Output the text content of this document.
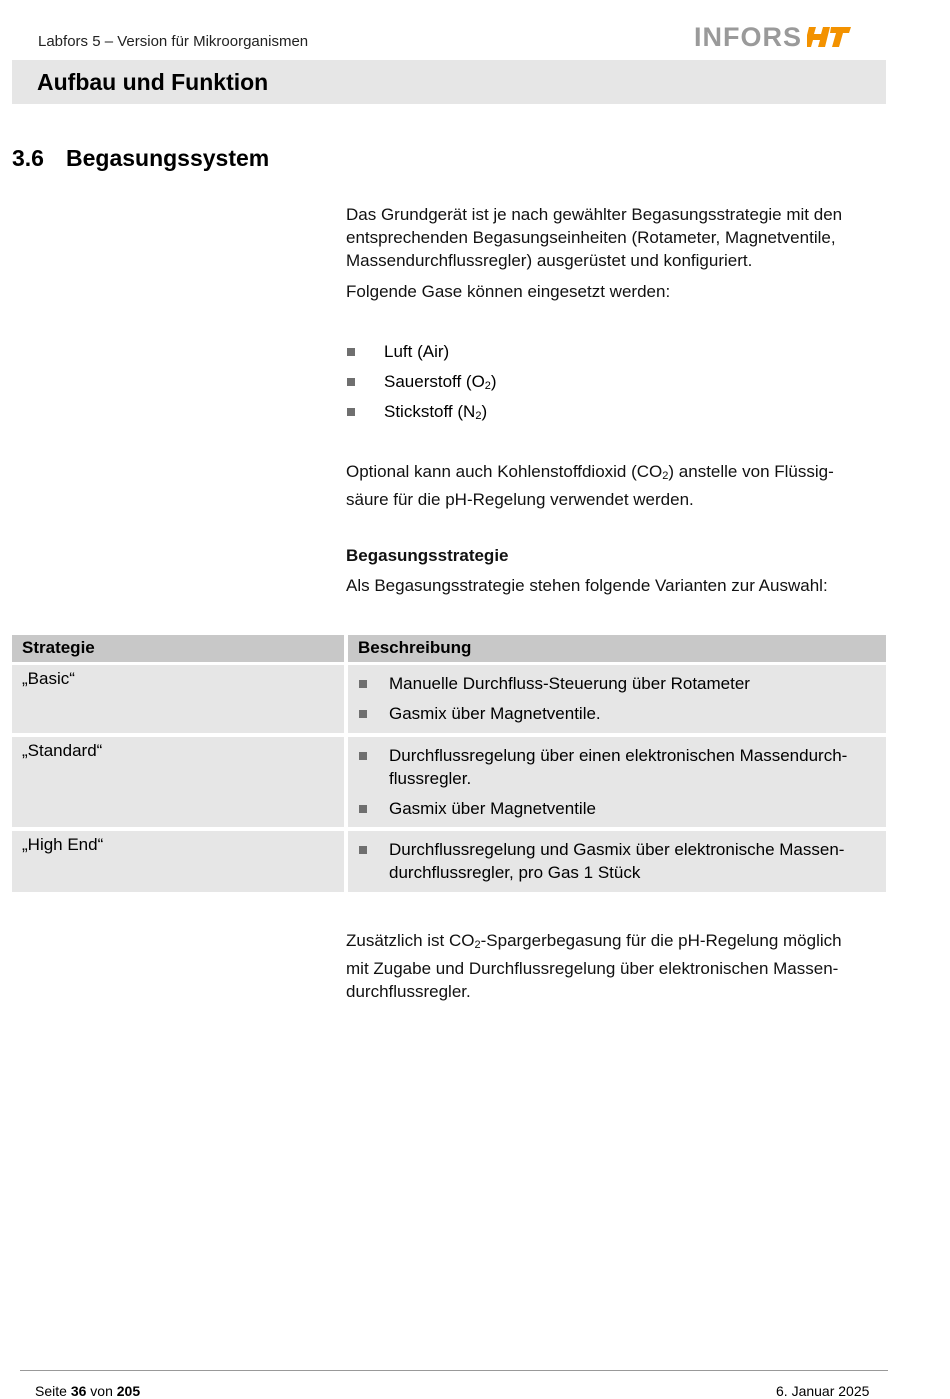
Labfors 5 – Version für Mikroorganismen	INFORS
Aufbau und Funktion
3.6 Begasungssystem
Das Grundgerät ist je nach gewählter Begasungsstrategie mit den
entsprechenden Begasungseinheiten (Rotameter, Magnetventile,
Massendurchflussregler) ausgerüstet und konfiguriert.
Folgende Gase können eingesetzt werden:
Luft (Air)
Sauerstoff $(O_2)$
Stickstoff $(N_2)$
Optional kann auch Kohlenstoffdioxid $(CO_2)$ anstelle von Flüssig-
säure für die pH-Regelung verwendet werden.
Begasungsstrategie
Als Begasungsstrategie stehen folgende Varianten zur Auswahl:
Strategie	Beschreibung
„Basic“	Manuelle Durchfluss-Steuerung über Rotameter
Gasmix über Magnetventile.
„Standard“	Durchflussregelung über einen elektronischen Massendurch-
flussregler.
Gasmix über Magnetventile
„High End“	Durchflussregelung und Gasmix über elektronische Massen-
durchflussregler, pro Gas 1 Stück
Zusätzlich ist $CO_2$-Spargerbegasung für die pH-Regelung möglich
mit Zugabe und Durchflussregelung über elektronischen Massen-
durchflussregler.
Seite 36 von 205	6. Januar 2025
